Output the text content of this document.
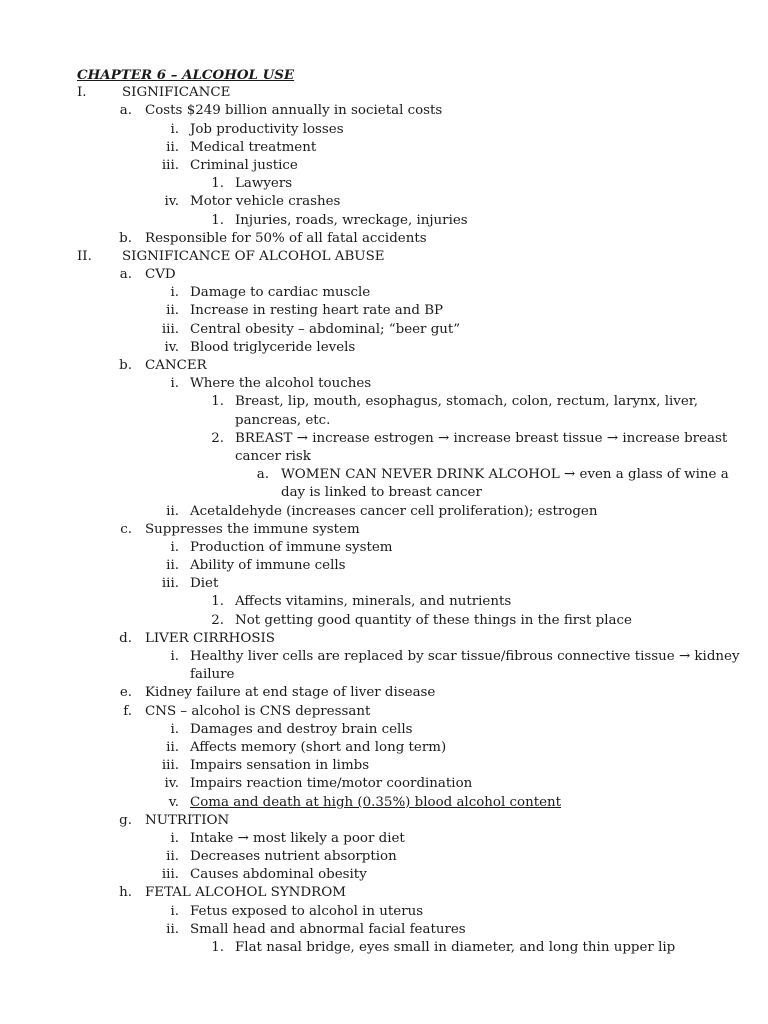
CHAPTER 6 – ALCOHOL USE
I.	SIGNIFICANCE
a. Costs $249 billion annually in societal costs
i. Job productivity losses
ii. Medical treatment
iii. Criminal justice
1. Lawyers
iv. Motor vehicle crashes
1. Injuries, roads, wreckage, injuries
b. Responsible for 50% of all fatal accidents
II. SIGNIFICANCE OF ALCOHOL ABUSE
a. CVD
i. Damage to cardiac muscle
ii. Increase in resting heart rate and BP
iii. Central obesity – abdominal; “beer gut”
iv. Blood triglyceride levels
b. CANCER
i. Where the alcohol touches
1. Breast, lip, mouth, esophagus, stomach, colon, rectum, larynx, liver,
pancreas, etc.
2. BREAST → increase estrogen → increase breast tissue → increase breast
cancer risk
a. WOMEN CAN NEVER DRINK ALCOHOL → even a glass of wine a
day is linked to breast cancer
ii. Acetaldehyde (increases cancer cell proliferation); estrogen
c. Suppresses the immune system
i. Production of immune system
ii. Ability of immune cells
iii. Diet
1. Affects vitamins, minerals, and nutrients
2. Not getting good quantity of these things in the first place
d. LIVER CIRRHOSIS
i. Healthy liver cells are replaced by scar tissue/fibrous connective tissue → kidney
failure
e. Kidney failure at end stage of liver disease
f. CNS – alcohol is CNS depressant
i. Damages and destroy brain cells
ii. Affects memory (short and long term)
iii. Impairs sensation in limbs
iv. Impairs reaction time/motor coordination
v. Coma and death at high (0.35%) blood alcohol content
g. NUTRITION
i. Intake → most likely a poor diet
ii. Decreases nutrient absorption
iii. Causes abdominal obesity
h. FETAL ALCOHOL SYNDROM
i. Fetus exposed to alcohol in uterus
ii. Small head and abnormal facial features
1. Flat nasal bridge, eyes small in diameter, and long thin upper lip
